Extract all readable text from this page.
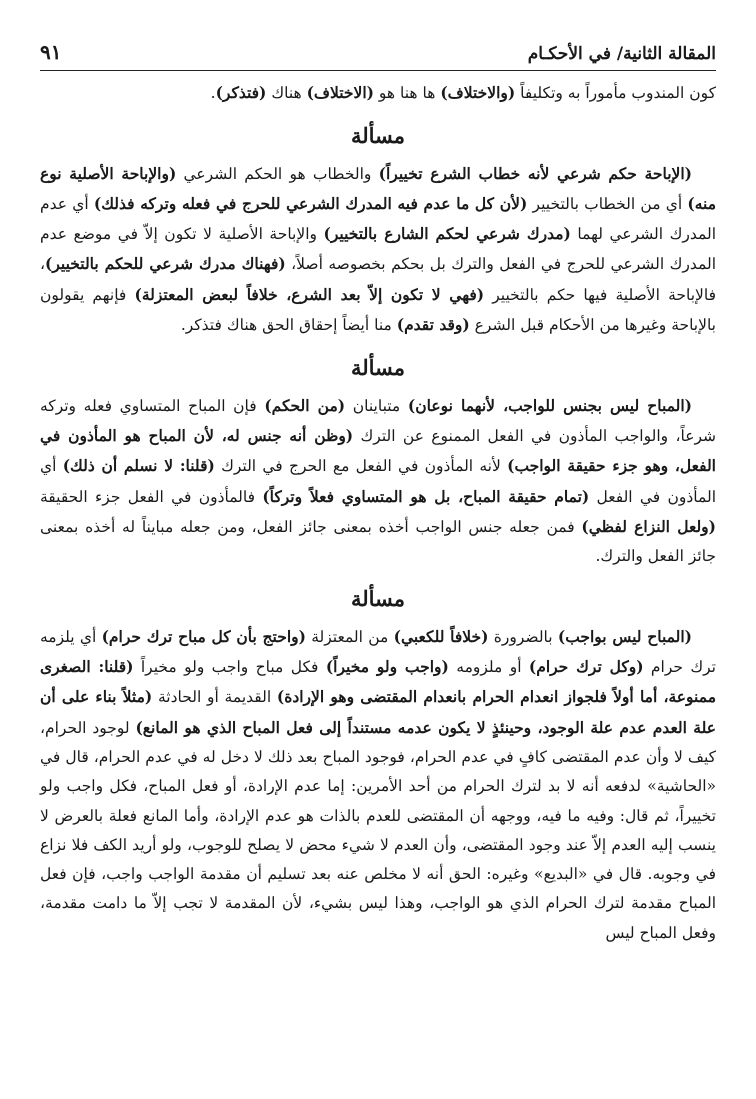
٩١	المقالة الثانية/ في الأحكـام

كون المندوب مأموراً به وتكليفاً (والاختلاف) ها هنا هو (الاختلاف) هناك (فتذكر).

مسألة

(الإباحة حكم شرعي لأنه خطاب الشرع تخييراً) والخطاب هو الحكم الشرعي (والإباحة الأصلية نوع منه) أي من الخطاب بالتخيير (لأن كل ما عدم فيه المدرك الشرعي للحرج في فعله وتركه فذلك) أي عدم المدرك الشرعي لهما (مدرك شرعي لحكم الشارع بالتخيير) والإباحة الأصلية لا تكون إلاّ في موضع عدم المدرك الشرعي للحرج في الفعل والترك بل بحكم بخصوصه أصلاً، (فهناك مدرك شرعي للحكم بالتخيير)، فالإباحة الأصلية فيها حكم بالتخيير (فهي لا تكون إلاّ بعد الشرع، خلافاً لبعض المعتزلة) فإنهم يقولون بالإباحة وغيرها من الأحكام قبل الشرع (وقد تقدم) منا أيضاً إحقاق الحق هناك فتذكر.

مسألة

(المباح ليس بجنس للواجب، لأنهما نوعان) متباينان (من الحكم) فإن المباح المتساوي فعله وتركه شرعاً، والواجب المأذون في الفعل الممنوع عن الترك (وظن أنه جنس له، لأن المباح هو المأذون في الفعل، وهو جزء حقيقة الواجب) لأنه المأذون في الفعل مع الحرج في الترك (قلنا: لا نسلم أن ذلك) أي المأذون في الفعل (تمام حقيقة المباح، بل هو المتساوي فعلاً وتركاً) فالمأذون في الفعل جزء الحقيقة (ولعل النزاع لفظي) فمن جعله جنس الواجب أخذه بمعنى جائز الفعل، ومن جعله مبايناً له أخذه بمعنى جائز الفعل والترك.

مسألة

(المباح ليس بواجب) بالضرورة (خلافاً للكعبي) من المعتزلة (واحتج بأن كل مباح ترك حرام) أي يلزمه ترك حرام (وكل ترك حرام) أو ملزومه (واجب ولو مخيراً) فكل مباح واجب ولو مخيراً (قلنا: الصغرى ممنوعة، أما أولاً فلجواز انعدام الحرام بانعدام المقتضى وهو الإرادة) القديمة أو الحادثة (مثلاً بناء على أن علة العدم عدم علة الوجود، وحينئذٍ لا يكون عدمه مستنداً إلى فعل المباح الذي هو المانع) لوجود الحرام، كيف لا وأن عدم المقتضى كافٍ في عدم الحرام، فوجود المباح بعد ذلك لا دخل له في عدم الحرام، قال في «الحاشية» لدفعه أنه لا بد لترك الحرام من أحد الأمرين: إما عدم الإرادة، أو فعل المباح، فكل واجب ولو تخييراً، ثم قال: وفيه ما فيه، ووجهه أن المقتضى للعدم بالذات هو عدم الإرادة، وأما المانع فعلة بالعرض لا ينسب إليه العدم إلاّ عند وجود المقتضى، وأن العدم لا شيء محض لا يصلح للوجوب، ولو أريد الكف فلا نزاع في وجوبه. قال في «البديع» وغيره: الحق أنه لا مخلص عنه بعد تسليم أن مقدمة الواجب واجب، فإن فعل المباح مقدمة لترك الحرام الذي هو الواجب، وهذا ليس بشيء، لأن المقدمة لا تجب إلاّ ما دامت مقدمة، وفعل المباح ليس
